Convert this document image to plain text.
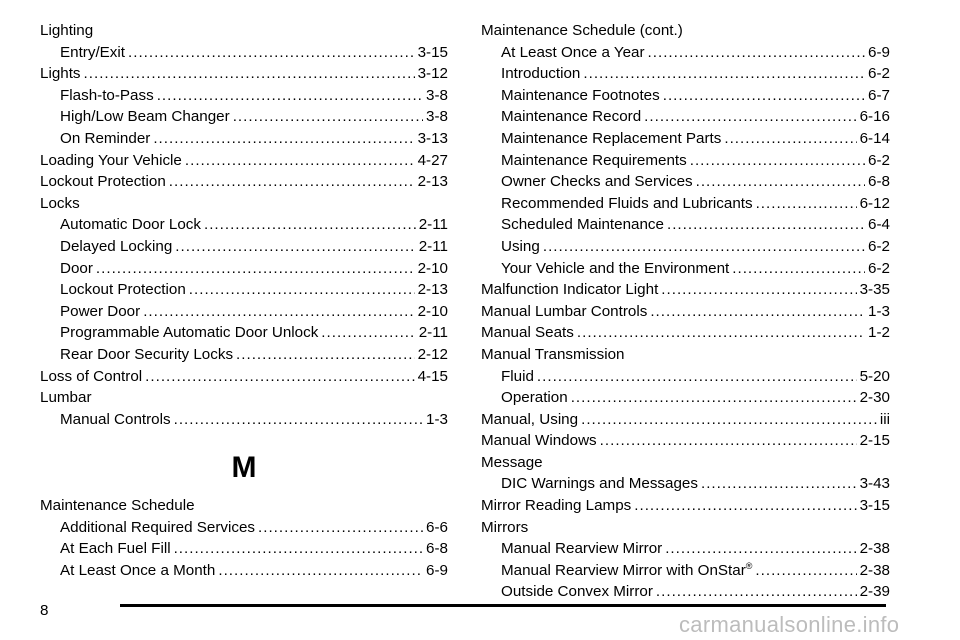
Lighting
Entry/Exit .....	3-15
Lights .....	3-12
Flash-to-Pass .....	3-8
High/Low Beam Changer .....	3-8
On Reminder .....	3-13
Loading Your Vehicle .....	4-27
Lockout Protection .....	2-13
Locks
Automatic Door Lock .....	2-11
Delayed Locking .....	2-11
Door .....	2-10
Lockout Protection .....	2-13
Power Door .....	2-10
Programmable Automatic Door Unlock .....	2-11
Rear Door Security Locks .....	2-12
Loss of Control .....	4-15
Lumbar
Manual Controls .....	1-3
M
Maintenance Schedule
Additional Required Services .....	6-6
At Each Fuel Fill .....	6-8
At Least Once a Month .....	6-9
Maintenance Schedule (cont.)
At Least Once a Year .....	6-9
Introduction .....	6-2
Maintenance Footnotes .....	6-7
Maintenance Record .....	6-16
Maintenance Replacement Parts .....	6-14
Maintenance Requirements .....	6-2
Owner Checks and Services .....	6-8
Recommended Fluids and Lubricants .....	6-12
Scheduled Maintenance .....	6-4
Using .....	6-2
Your Vehicle and the Environment .....	6-2
Malfunction Indicator Light .....	3-35
Manual Lumbar Controls .....	1-3
Manual Seats .....	1-2
Manual Transmission
Fluid .....	5-20
Operation .....	2-30
Manual, Using .....	iii
Manual Windows .....	2-15
Message
DIC Warnings and Messages .....	3-43
Mirror Reading Lamps .....	3-15
Mirrors
Manual Rearview Mirror .....	2-38
Manual Rearview Mirror with OnStar® .....	2-38
Outside Convex Mirror .....	2-39
8
carmanualsonline.info
